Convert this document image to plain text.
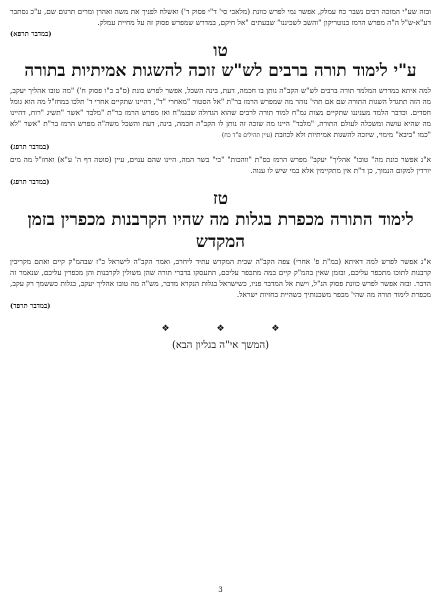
ובזה שע"י המזכה רבים נשבר כח עמלק, אפשר נמי לפרש כוונת (מלאכי סי' ד"י פסוק ד') ואשלח לפניך את משה ואהרן ומרים תרגום שם, ע"כ נסתבר דע"א-ש"ל ה"ה מפרש הרמז בנוטריקון "והשב לשכיננו" שבעתים "אל חיקם, במדרש שמפרש פסוק זה על מחיית עמלק.

(במדבר תרפא)

טו
ע"י לימוד תורה ברבים לש"ש זוכה להשגות אמיתיות בתורה

למה איתא במדרש המלמד תורה ברבים לש"ש הקב"ה נותן בו חכמה, דעת, בינה השכל, אפשר לפרש כונת (ס"ב כ"ו פסוק ח') "מה טובו אהליך יעקב, מה הזה תתגדל השגות התורה שם אם תהי' נזהר מה שמפרש הרמז בר"ת "אל הסטור "מאחרי "ד", דהיינו שתקיים אחרי ד' תלכו במחז"ל מה הוא גומל חסדים. וכדבר הלמד מעניננו שתקיים מצות גמ"ח למוד תורה לרבים שהוא הגדולה שבגמ"ח ואז מפרש הרמז בר"ת "מלבד "אשר "תשיג "רוח, דהיינו מה שהיא עושה ומשכלה לעולם התורה, "מלבד" היינו מה שזכה זה נותן לו הקב"ה חכמה, בינה, דעת והשכל משה"ה מפרש הרמז בר"ת "אשר "לא "כמו "ביבא" מימוי, שיזכה להשגות אמיתיות ולא לכוזבת (עיין תהילים פ"ד כח)

(במדבר תרפג)

א"נ אפשר כונת מה" טובו" אהליך" יעקב" מפרש הרמז בס"ת "ווהכות" "כי" בשר המה, היינו שהם ענוים, עיין (סוטה דף ה' ע"א) ואחז"ל מה מים יורדין למקום הנמוך, כן ד"ת אין מתקיימין אלא במי שיש לו ענוה.

(במדבר תרפג)

טז
לימוד התורה מכפרת בגלות מה שהיו הקרבנות מכפרין בזמן
המקדש

א"נ אפשר לפרש למה דאיתא (במ"ת פ' אחרי) צפה הקב"ה שבית המקדש עתיד ליחרב, ואמר הקב"ה לישראל כ"ז שבהמ"ק קיים ואתם מקריבין קרבנות לתוכו מתכפר עליכם, ובזמן שאין בהמ"ק קיים במה מתכפר עליכם, התעסקו בדברי תורה שהן משולין לקרבנות והן מכפרין עליכם, שנאמר זה הדבר. ובזה אפשר לפרש כוונת פסוק הנ"ל, וישת אל המדבר פניו, כשישראל בגלות הנקרא מדבר, מש"ה מה טובו אהליך יעקב, בגלות כששמך רק עקב, מכפרת לימוד תורה מה שהי' מכפר משכנותיך כשהיית בחזיות ישראל.

(במדבר תרפד)

❖ ❖ ❖

(המשך אי"ה בגליון הבא)

3
